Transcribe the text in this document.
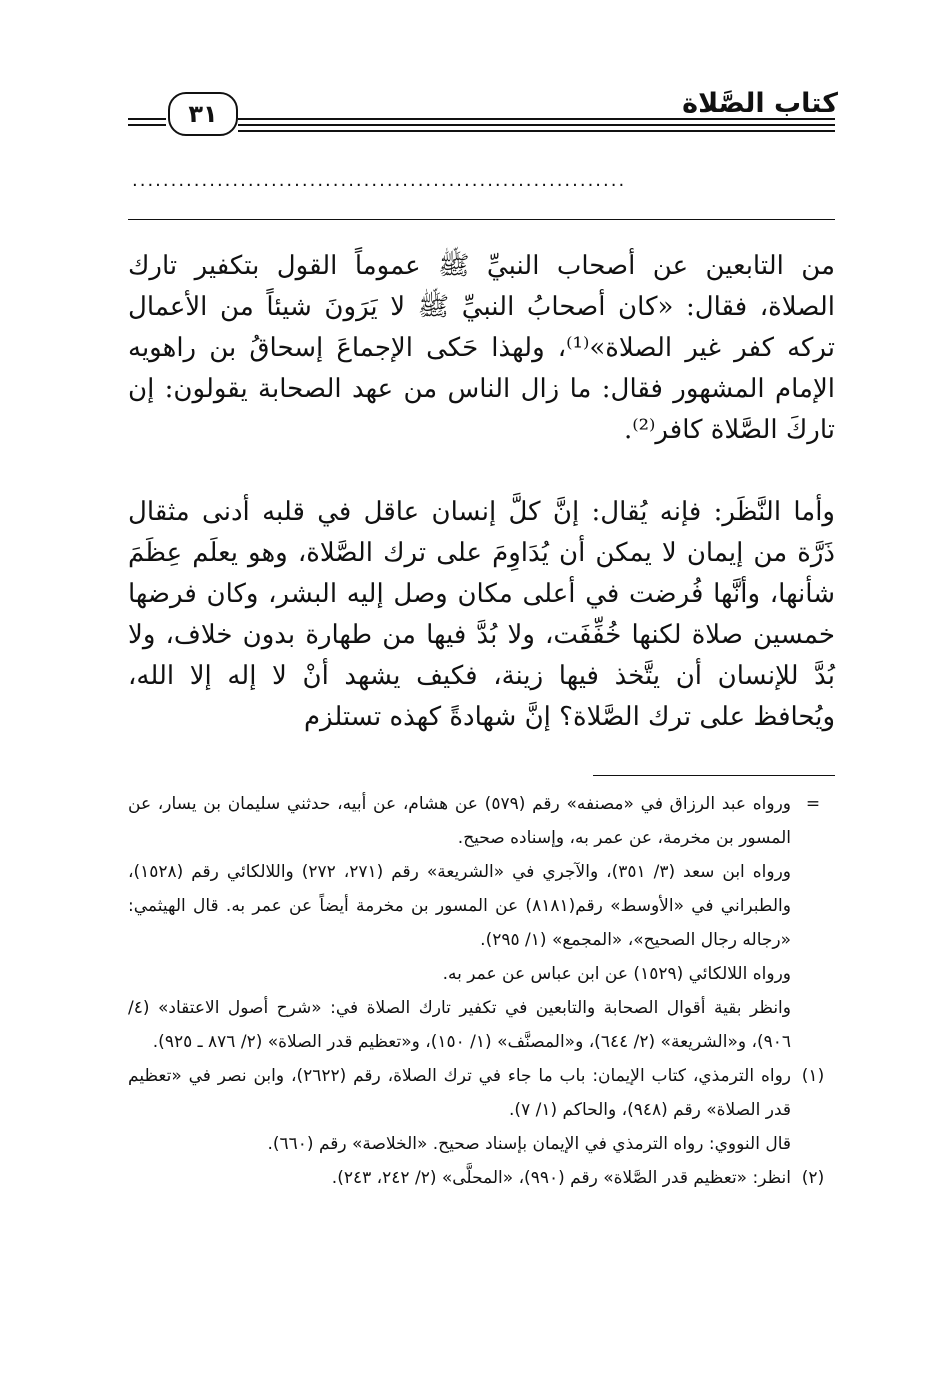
كتاب الصَّلاة
٣١
................................................................
من التابعين عن أصحاب النبيِّ ﷺ عموماً القول بتكفير تارك الصلاة، فقال: «كان أصحابُ النبيِّ ﷺ لا يَرَونَ شيئاً من الأعمال تركه كفر غير الصلاة»⁽¹⁾، ولهذا حَكى الإجماعَ إسحاقُ بن راهويه الإمام المشهور فقال: ما زال الناس من عهد الصحابة يقولون: إن تاركَ الصَّلاة كافر⁽²⁾.
وأما النَّظَر: فإنه يُقال: إنَّ كلَّ إنسان عاقل في قلبه أدنى مثقال ذَرَّة من إيمان لا يمكن أن يُدَاوِمَ على ترك الصَّلاة، وهو يعلَم عِظَمَ شأنها، وأنَّها فُرضت في أعلى مكان وصل إليه البشر، وكان فرضها خمسين صلاة لكنها خُفِّفَت، ولا بُدَّ فيها من طهارة بدون خلاف، ولا بُدَّ للإنسان أن يتَّخذ فيها زينة، فكيف يشهد أنْ لا إله إلا الله، ويُحافظ على ترك الصَّلاة؟ إنَّ شهادةً كهذه تستلزم
=
ورواه عبد الرزاق في «مصنفه» رقم (٥٧٩) عن هشام، عن أبيه، حدثني سليمان بن يسار، عن المسور بن مخرمة، عن عمر به، وإسناده صحيح.
ورواه ابن سعد (٣/ ٣٥١)، والآجري في «الشريعة» رقم (٢٧١، ٢٧٢) واللالكائي رقم (١٥٢٨)، والطبراني في «الأوسط» رقم(٨١٨١) عن المسور بن مخرمة أيضاً عن عمر به. قال الهيثمي: «رجاله رجال الصحيح»، «المجمع» (١/ ٢٩٥).
ورواه اللالكائي (١٥٢٩) عن ابن عباس عن عمر به.
وانظر بقية أقوال الصحابة والتابعين في تكفير تارك الصلاة في: «شرح أصول الاعتقاد» (٤/ ٩٠٦)، و«الشريعة» (٢/ ٦٤٤)، و«المصنَّف» (١/ ١٥٠)، و«تعظيم قدر الصلاة» (٢/ ٨٧٦ ـ ٩٢٥).
(١)
رواه الترمذي، كتاب الإيمان: باب ما جاء في ترك الصلاة، رقم (٢٦٢٢)، وابن نصر في «تعظيم قدر الصلاة» رقم (٩٤٨)، والحاكم (١/ ٧).
قال النووي: رواه الترمذي في الإيمان بإسناد صحيح. «الخلاصة» رقم (٦٦٠).
(٢)
انظر: «تعظيم قدر الصَّلاة» رقم (٩٩٠)، «المحلَّى» (٢/ ٢٤٢، ٢٤٣).
